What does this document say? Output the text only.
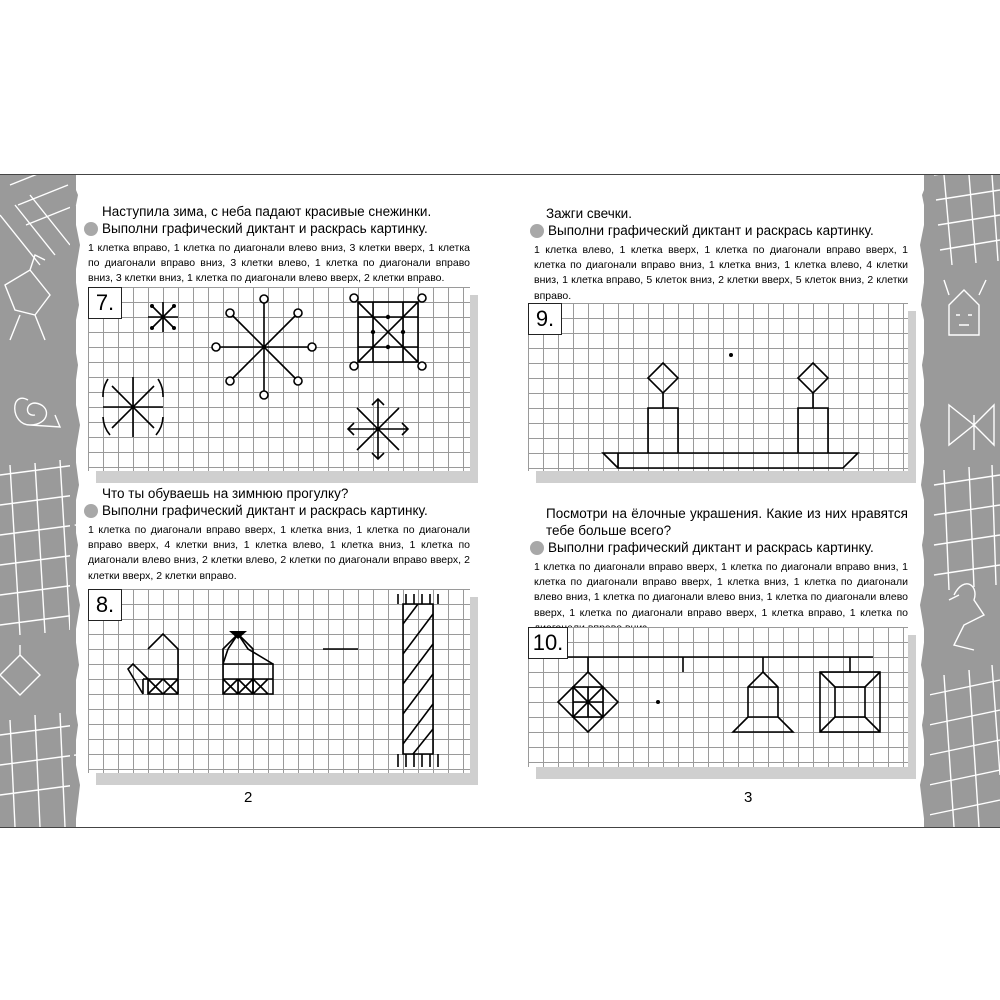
Наступила зима, с неба падают красивые снежинки.
Выполни графический диктант и раскрась картинку.
1 клетка вправо, 1 клетка по диагонали влево вниз, 3 клетки вверх, 1 клетка по диагонали вправо вниз, 3 клетки влево, 1 клетка по диагонали вправо вниз, 3 клетки вниз, 1 клетка по диагонали влево вверх, 2 клетки вправо.
7.
Что ты обуваешь на зимнюю прогулку?
Выполни графический диктант и раскрась картинку.
1 клетка по диагонали вправо вверх, 1 клетка вниз, 1 клетка по диагонали вправо вверх, 4 клетки вниз, 1 клетка влево, 1 клетка вниз, 1 клетка по диагонали влево вниз, 2 клетки влево, 2 клетки по диагонали вправо вверх, 2 клетки вверх, 2 клетки вправо.
8.
2
Зажги свечки.
Выполни графический диктант и раскрась картинку.
1 клетка влево, 1 клетка вверх, 1 клетка по диагонали вправо вверх, 1 клетка по диагонали вправо вниз, 1 клетка вниз, 1 клетка влево, 4 клетки вниз, 1 клетка вправо, 5 клеток вниз, 2 клетки вверх, 5 клеток вниз, 2 клетки вправо.
9.
Посмотри на ёлочные украшения. Какие из них нравятся тебе больше всего?
Выполни графический диктант и раскрась картинку.
1 клетка по диагонали вправо вверх, 1 клетка по диагонали вправо вниз, 1 клетка по диагонали вправо вверх, 1 клетка вниз, 1 клетка по диагонали влево вниз, 1 клетка по диагонали влево вниз, 1 клетка по диагонали влево вверх, 1 клетка по диагонали вправо вверх, 1 клетка вправо, 1 клетка по
10.
3
